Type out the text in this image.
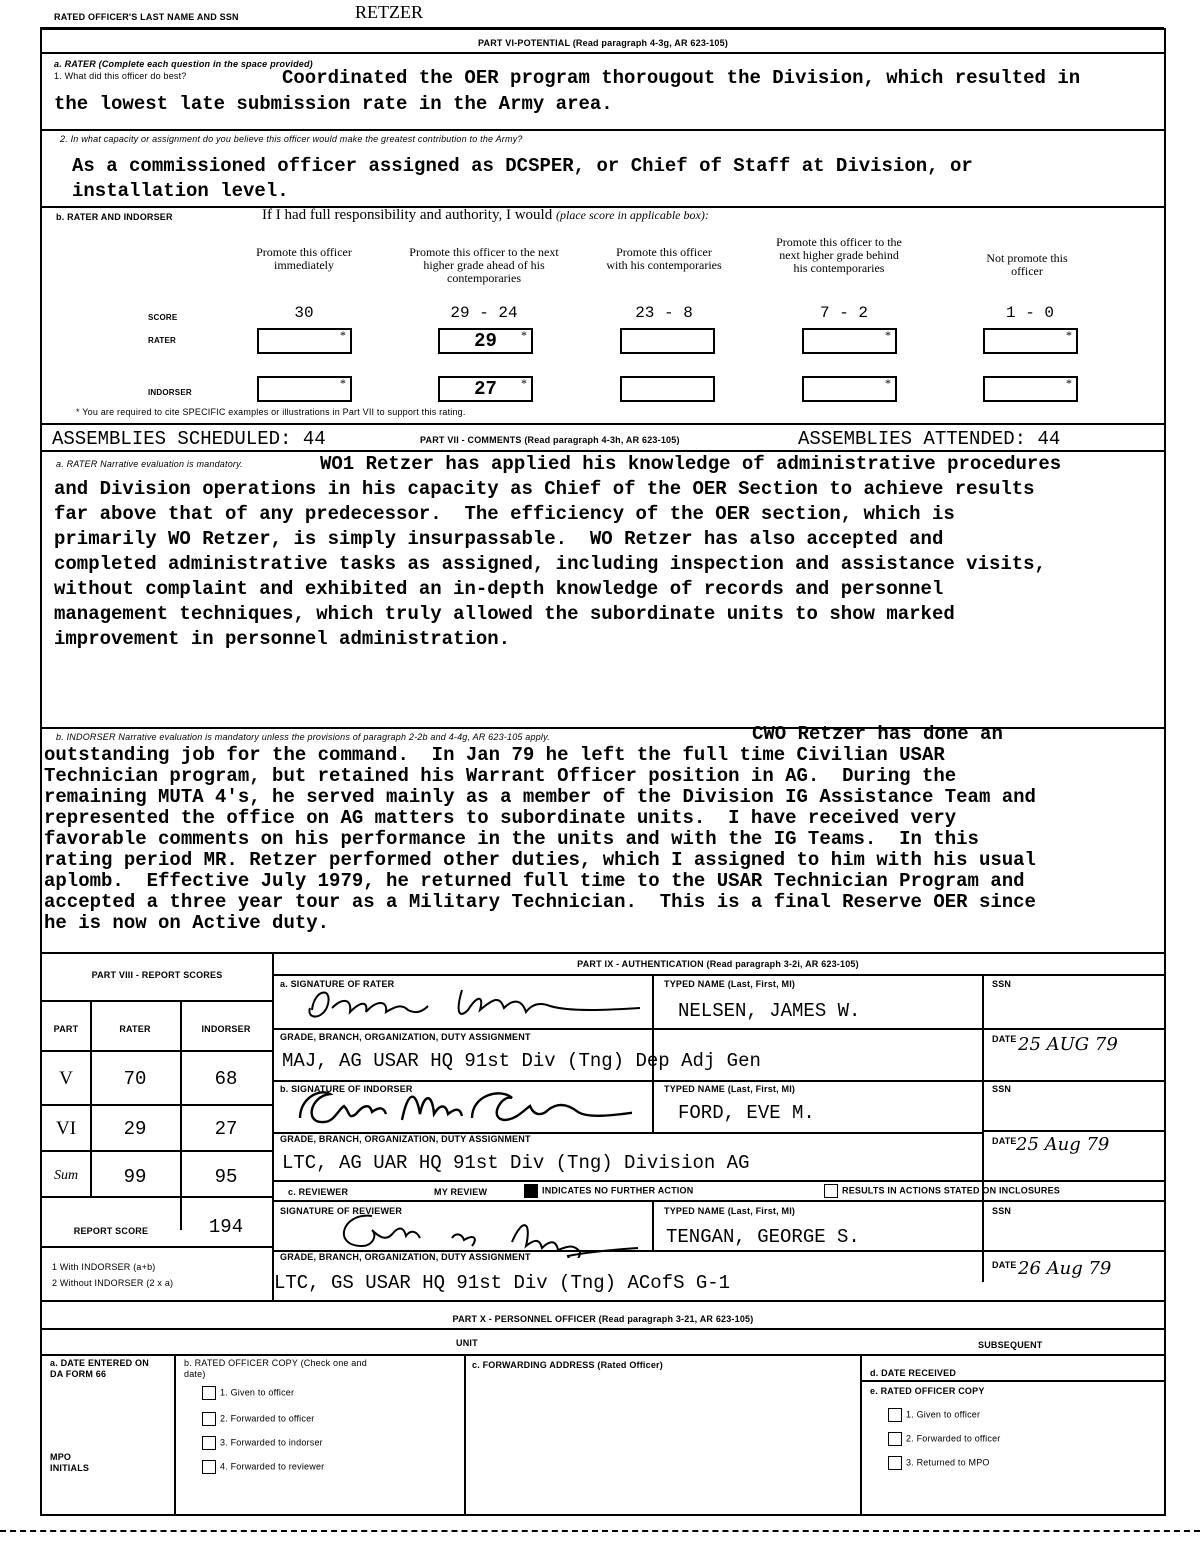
RATED OFFICER'S LAST NAME AND SSN	RETZER
PART VI-POTENTIAL (Read paragraph 4-3g, AR 623-105)
a. RATER (Complete each question in the space provided)
1. What did this officer do best?	Coordinated the OER program thorougout the Division, which resulted in
the lowest late submission rate in the Army area.
2. In what capacity or assignment do you believe this officer would make the greatest contribution to the Army?
As a commissioned officer assigned as DCSPER, or Chief of Staff at Division, or
installation level.
b. RATER AND INDORSER	If I had full responsibility and authority, I would (place score in applicable box):
Promote this officer immediately
Promote this officer to the next higher grade ahead of his contemporaries
Promote this officer with his contemporaries
Promote this officer to the next higher grade behind his contemporaries
Not promote this officer
SCORE	30	29 - 24	23 - 8	7 - 2	1 - 0
RATER	*	29	*	*	*
INDORSER
*	27	*	*	*
* You are required to cite SPECIFIC examples or illustrations in Part VII to support this rating.
ASSEMBLIES SCHEDULED: 44	PART VII - COMMENTS (Read paragraph 4-3h, AR 623-105)	ASSEMBLIES ATTENDED: 44
a. RATER Narrative evaluation is mandatory.	WO1 Retzer has applied his knowledge of administrative procedures
and Division operations in his capacity as Chief of the OER Section to achieve results
far above that of any predecessor.  The efficiency of the OER section, which is
primarily WO Retzer, is simply insurpassable.  WO Retzer has also accepted and
completed administrative tasks as assigned, including inspection and assistance visits,
without complaint and exhibited an in-depth knowledge of records and personnel
management techniques, which truly allowed the subordinate units to show marked
improvement in personnel administration.
b. INDORSER Narrative evaluation is mandatory unless the provisions of paragraph 2-2b and 4-4g, AR 623-105 apply.	CWO Retzer has done an
outstanding job for the command.  In Jan 79 he left the full time Civilian USAR
Technician program, but retained his Warrant Officer position in AG.  During the
remaining MUTA 4's, he served mainly as a member of the Division IG Assistance Team and
represented the office on AG matters to subordinate units.  I have received very
favorable comments on his performance in the units and with the IG Teams.  In this
rating period MR. Retzer performed other duties, which I assigned to him with his usual
aplomb.  Effective July 1979, he returned full time to the USAR Technician Program and
accepted a three year tour as a Military Technician.  This is a final Reserve OER since
he is now on Active duty.
PART VIII - REPORT SCORES
PART	RATER	INDORSER
V	70	68
VI	29	27
Sum	99	95
REPORT SCORE	194
1 With INDORSER (a+b)
2 Without INDORSER (2 x a)
PART IX - AUTHENTICATION (Read paragraph 3-2i, AR 623-105)
a. SIGNATURE OF RATER	TYPED NAME (Last, First, MI)
NELSEN, JAMES W.
SSN
GRADE, BRANCH, ORGANIZATION, DUTY ASSIGNMENT
MAJ, AG USAR HQ 91st Div (Tng) Dep Adj Gen
DATE 25 AUG 79
b. SIGNATURE OF INDORSER	TYPED NAME (Last, First, MI)
FORD, EVE M.
SSN
GRADE, BRANCH, ORGANIZATION, DUTY ASSIGNMENT
LTC, AG UAR HQ 91st Div (Tng) Division AG
DATE 25 Aug 79
c. REVIEWER	MY REVIEW	INDICATES NO FURTHER ACTION	RESULTS IN ACTIONS STATED ON INCLOSURES
SIGNATURE OF REVIEWER	TYPED NAME (Last, First, MI)
TENGAN, GEORGE S.
SSN
GRADE, BRANCH, ORGANIZATION, DUTY ASSIGNMENT
LTC, GS USAR HQ 91st Div (Tng) ACofS G-1
DATE 26 Aug 79
PART X - PERSONNEL OFFICER (Read paragraph 3-21, AR 623-105)
UNIT	SUBSEQUENT
a. DATE ENTERED ON DA FORM 66
MPO INITIALS
b. RATED OFFICER COPY (Check one and date)
1. Given to officer
2. Forwarded to officer
3. Forwarded to indorser
4. Forwarded to reviewer
c. FORWARDING ADDRESS (Rated Officer)
d. DATE RECEIVED
e. RATED OFFICER COPY
1. Given to officer
2. Forwarded to officer
3. Returned to MPO
